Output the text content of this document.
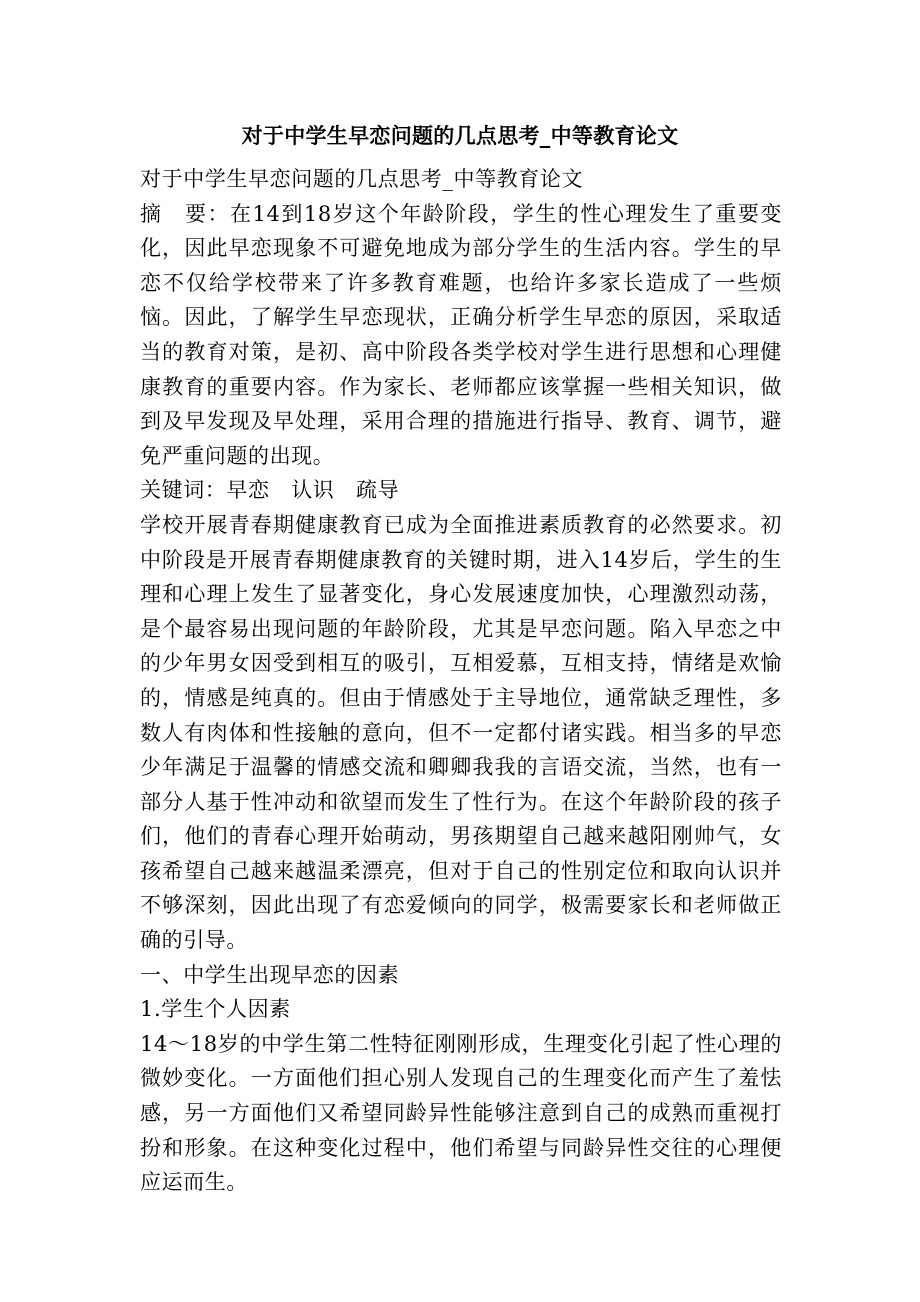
对于中学生早恋问题的几点思考_中等教育论文

对于中学生早恋问题的几点思考_中等教育论文

摘　要：在14到18岁这个年龄阶段，学生的性心理发生了重要变化，因此早恋现象不可避免地成为部分学生的生活内容。学生的早恋不仅给学校带来了许多教育难题，也给许多家长造成了一些烦恼。因此，了解学生早恋现状，正确分析学生早恋的原因，采取适当的教育对策，是初、高中阶段各类学校对学生进行思想和心理健康教育的重要内容。作为家长、老师都应该掌握一些相关知识，做到及早发现及早处理，采用合理的措施进行指导、教育、调节，避免严重问题的出现。

关键词：早恋　认识　疏导

学校开展青春期健康教育已成为全面推进素质教育的必然要求。初中阶段是开展青春期健康教育的关键时期，进入14岁后，学生的生理和心理上发生了显著变化，身心发展速度加快，心理激烈动荡，是个最容易出现问题的年龄阶段，尤其是早恋问题。陷入早恋之中的少年男女因受到相互的吸引，互相爱慕，互相支持，情绪是欢愉的，情感是纯真的。但由于情感处于主导地位，通常缺乏理性，多数人有肉体和性接触的意向，但不一定都付诸实践。相当多的早恋少年满足于温馨的情感交流和卿卿我我的言语交流，当然，也有一部分人基于性冲动和欲望而发生了性行为。在这个年龄阶段的孩子们，他们的青春心理开始萌动，男孩期望自己越来越阳刚帅气，女孩希望自己越来越温柔漂亮，但对于自己的性别定位和取向认识并不够深刻，因此出现了有恋爱倾向的同学，极需要家长和老师做正确的引导。

一、中学生出现早恋的因素

1.学生个人因素

14～18岁的中学生第二性特征刚刚形成，生理变化引起了性心理的微妙变化。一方面他们担心别人发现自己的生理变化而产生了羞怯感，另一方面他们又希望同龄异性能够注意到自己的成熟而重视打扮和形象。在这种变化过程中，他们希望与同龄异性交往的心理便应运而生。
